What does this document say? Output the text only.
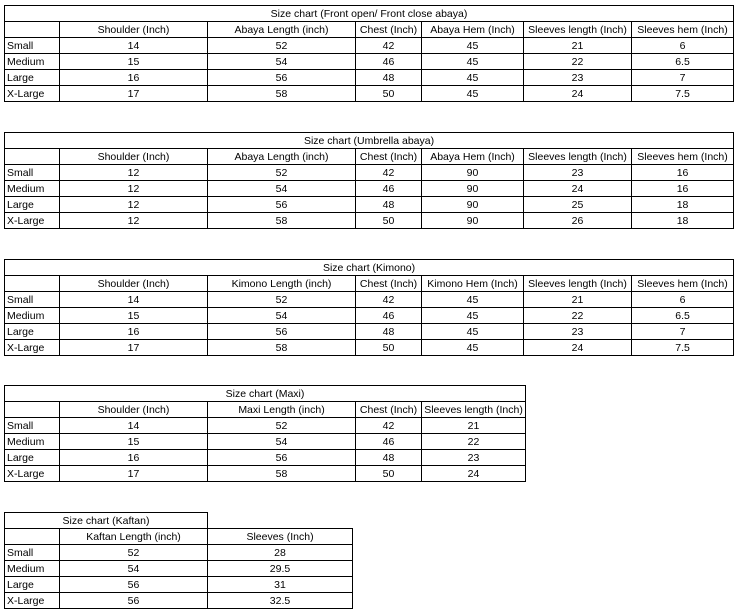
Size chart (Front open/ Front close abaya)						
	Shoulder (Inch)	Abaya Length (inch)	Chest (Inch)	Abaya Hem (Inch)	Sleeves length (Inch)	Sleeves hem (Inch)
Small	14	52	42	45	21	6
Medium	15	54	46	45	22	6.5
Large	16	56	48	45	23	7
X-Large	17	58	50	45	24	7.5
Size chart (Umbrella abaya)						
	Shoulder (Inch)	Abaya Length (inch)	Chest (Inch)	Abaya Hem (Inch)	Sleeves length (Inch)	Sleeves hem (Inch)
Small	12	52	42	90	23	16
Medium	12	54	46	90	24	16
Large	12	56	48	90	25	18
X-Large	12	58	50	90	26	18
Size chart (Kimono)						
	Shoulder (Inch)	Kimono Length (inch)	Chest (Inch)	Kimono Hem (Inch)	Sleeves length (Inch)	Sleeves hem (Inch)
Small	14	52	42	45	21	6
Medium	15	54	46	45	22	6.5
Large	16	56	48	45	23	7
X-Large	17	58	50	45	24	7.5
Size chart (Maxi)				
	Shoulder (Inch)	Maxi Length (inch)	Chest (Inch)	Sleeves length (Inch)
Small	14	52	42	21
Medium	15	54	46	22
Large	16	56	48	23
X-Large	17	58	50	24
Size chart (Kaftan)		
	Kaftan Length (inch)	Sleeves (Inch)
Small	52	28
Medium	54	29.5
Large	56	31
X-Large	56	32.5
